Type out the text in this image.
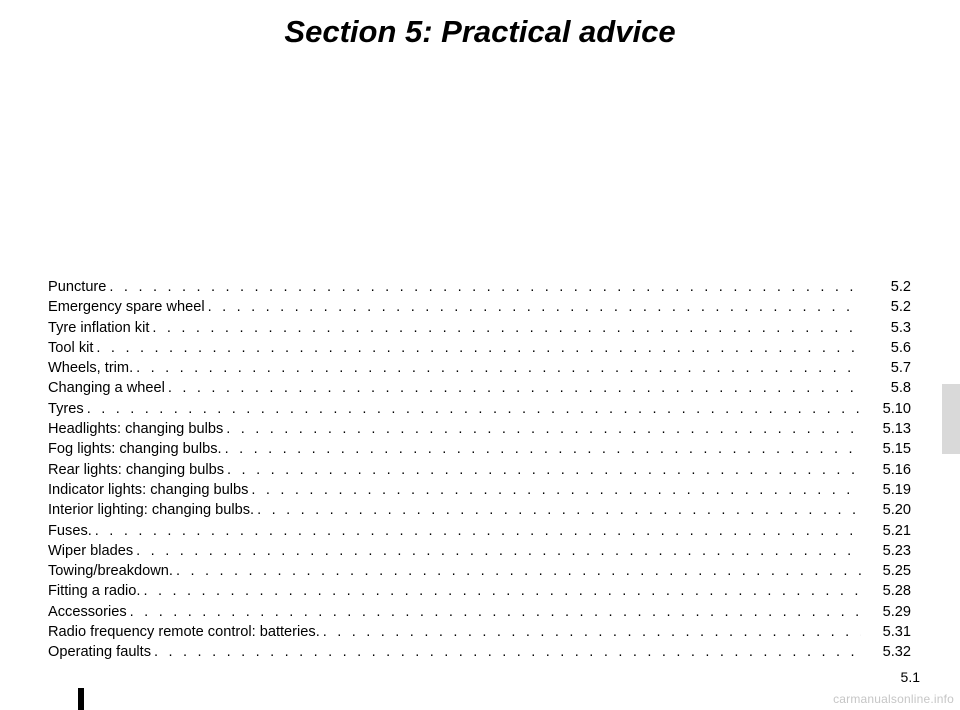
Section 5: Practical advice
Puncture . . .	5.2
Emergency spare wheel . . .	5.2
Tyre inflation kit . . .	5.3
Tool kit . . .	5.6
Wheels, trim. . . .	5.7
Changing a wheel . . .	5.8
Tyres . . .	5.10
Headlights: changing bulbs . . .	5.13
Fog lights: changing bulbs. . . .	5.15
Rear lights: changing bulbs . . .	5.16
Indicator lights: changing bulbs . . .	5.19
Interior lighting: changing bulbs. . . .	5.20
Fuses. . . .	5.21
Wiper blades . . .	5.23
Towing/breakdown. . . .	5.25
Fitting a radio. . . .	5.28
Accessories . . .	5.29
Radio frequency remote control: batteries. . . .	5.31
Operating faults . . .	5.32
5.1
carmanualsonline.info
